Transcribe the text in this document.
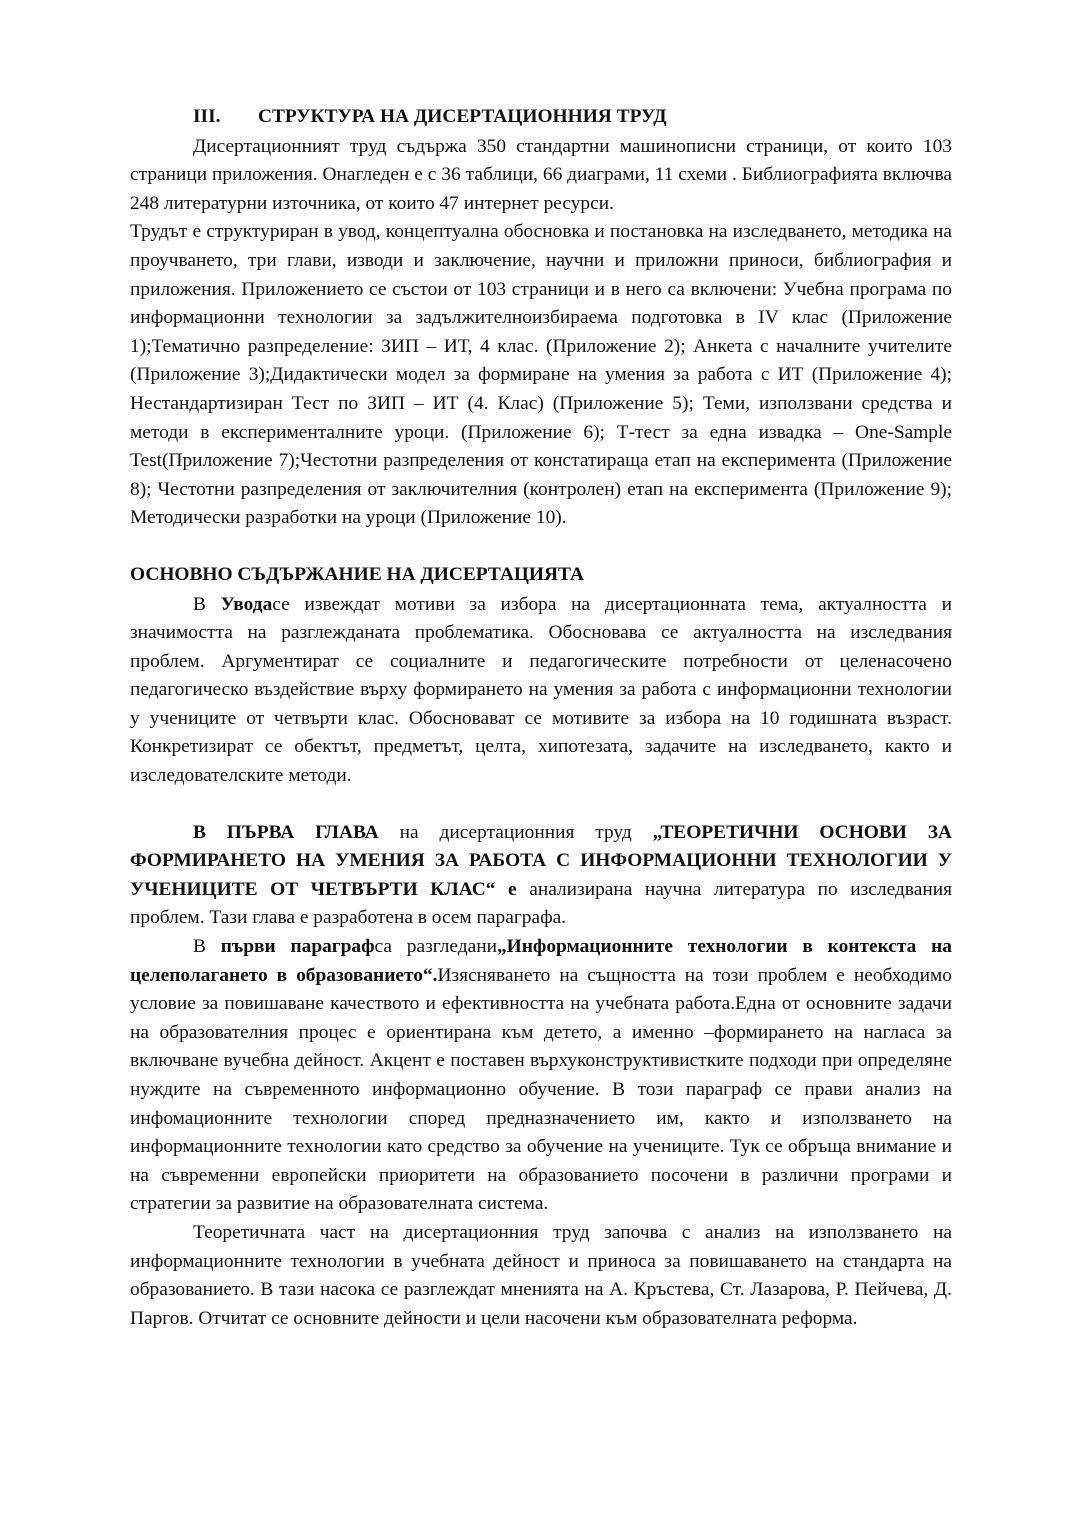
III. СТРУКТУРА НА ДИСЕРТАЦИОННИЯ ТРУД

Дисертационният труд съдържа 350 стандартни машинописни страници, от които 103 страници приложения. Онагледен е с 36 таблици, 66 диаграми, 11 схеми . Библиографията включва 248 литературни източника, от които 47 интернет ресурси.

Трудът е структуриран в увод, концептуална обосновка и постановка на изследването, методика на проучването, три глави, изводи и заключение, научни и приложни приноси, библиография и приложения. Приложението се състои от 103 страници и в него са включени: Учебна програма по информационни технологии за задължителноизбираема подготовка в IV клас (Приложение 1);Тематично разпределение: ЗИП – ИТ, 4 клас. (Приложение 2); Анкета с началните учителите (Приложение 3);Дидактически модел за формиране на умения за работа с ИТ (Приложение 4); Нестандартизиран Тест по ЗИП – ИТ (4. Клас) (Приложение 5); Теми, използвани средства и методи в експерименталните уроци. (Приложение 6); Т-тест за една извадка – One-Sample Test(Приложение 7);Честотни разпределения от констатираща етап на експеримента (Приложение 8); Честотни разпределения от заключителния (контролен) етап на експеримента (Приложение 9); Методически разработки на уроци (Приложение 10).

ОСНОВНО СЪДЪРЖАНИЕ НА ДИСЕРТАЦИЯТА

В Уводасе извеждат мотиви за избора на дисертационната тема, актуалността и значимостта на разглежданата проблематика. Обосновава се актуалността на изследвания проблем. Аргументират се социалните и педагогическите потребности от целенасочено педагогическо въздействие върху формирането на умения за работа с информационни технологии у учениците от четвърти клас. Обосновават се мотивите за избора на 10 годишната възраст. Конкретизират се обектът, предметът, целта, хипотезата, задачите на изследването, както и изследователските методи.

В ПЪРВА ГЛАВА на дисертационния труд „ТЕОРЕТИЧНИ ОСНОВИ ЗА ФОРМИРАНЕТО НА УМЕНИЯ ЗА РАБОТА С ИНФОРМАЦИОННИ ТЕХНОЛОГИИ У УЧЕНИЦИТЕ ОТ ЧЕТВЪРТИ КЛАС“ е анализирана научна литература по изследвания проблем. Тази глава е разработена в осем параграфа.

В първи параграфса разгледани„Информационните технологии в контекста на целеполагането в образованието“.Изясняването на същността на този проблем е необходимо условие за повишаване качеството и ефективността на учебната работа.Една от основните задачи на образователния процес е ориентирана към детето, а именно –формирането на нагласа за включване вучебна дейност. Акцент е поставен върхуконструктивистките подходи при определяне нуждите на съвременното информационно обучение. В този параграф се прави анализ на инфомационните технологии според предназначението им, както и използването на информационните технологии като средство за обучение на учениците. Тук се обръща внимание и на съвременни европейски приоритети на образованието посочени в различни програми и стратегии за развитие на образователната система.

Теоретичната част на дисертационния труд започва с анализ на използването на информационните технологии в учебната дейност и приноса за повишаването на стандарта на образованието. В тази насока се разглеждат мненията на А. Кръстева, Ст. Лазарова, Р. Пейчева, Д. Паргов. Отчитат се основните дейности и цели насочени към образователната реформа.
